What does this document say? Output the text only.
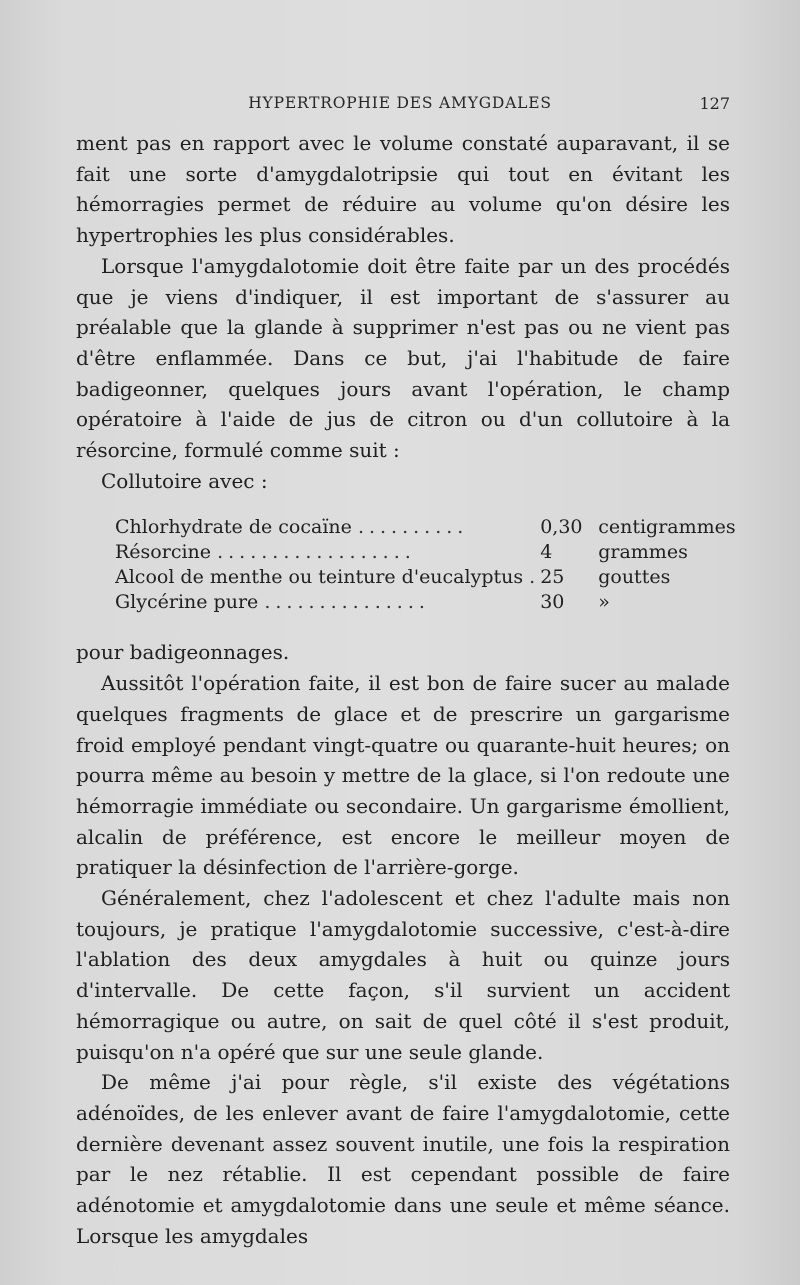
HYPERTROPHIE DES AMYGDALES	127

ment pas en rapport avec le volume constaté auparavant, il se fait une sorte d'amygdalotripsie qui tout en évitant les hémorragies permet de réduire au volume qu'on désire les hypertrophies les plus considérables.

Lorsque l'amygdalotomie doit être faite par un des procédés que je viens d'indiquer, il est important de s'assurer au préalable que la glande à supprimer n'est pas ou ne vient pas d'être enflammée. Dans ce but, j'ai l'habitude de faire badigeonner, quelques jours avant l'opération, le champ opératoire à l'aide de jus de citron ou d'un collutoire à la résorcine, formulé comme suit :

Collutoire avec :

Chlorhydrate de cocaïne ..........	0,30 centigrammes
Résorcine ..................	4 grammes
Alcool de menthe ou teinture d'eucalyptus .	25 gouttes
Glycérine pure ...............	30 »

pour badigeonnages.

Aussitôt l'opération faite, il est bon de faire sucer au malade quelques fragments de glace et de prescrire un gargarisme froid employé pendant vingt-quatre ou quarante-huit heures; on pourra même au besoin y mettre de la glace, si l'on redoute une hémorragie immédiate ou secondaire. Un gargarisme émollient, alcalin de préférence, est encore le meilleur moyen de pratiquer la désinfection de l'arrière-gorge.

Généralement, chez l'adolescent et chez l'adulte mais non toujours, je pratique l'amygdalotomie successive, c'est-à-dire l'ablation des deux amygdales à huit ou quinze jours d'intervalle. De cette façon, s'il survient un accident hémorragique ou autre, on sait de quel côté il s'est produit, puisqu'on n'a opéré que sur une seule glande.

De même j'ai pour règle, s'il existe des végétations adénoïdes, de les enlever avant de faire l'amygdalotomie, cette dernière devenant assez souvent inutile, une fois la respiration par le nez rétablie. Il est cependant possible de faire adénotomie et amygdalotomie dans une seule et même séance. Lorsque les amygdales
